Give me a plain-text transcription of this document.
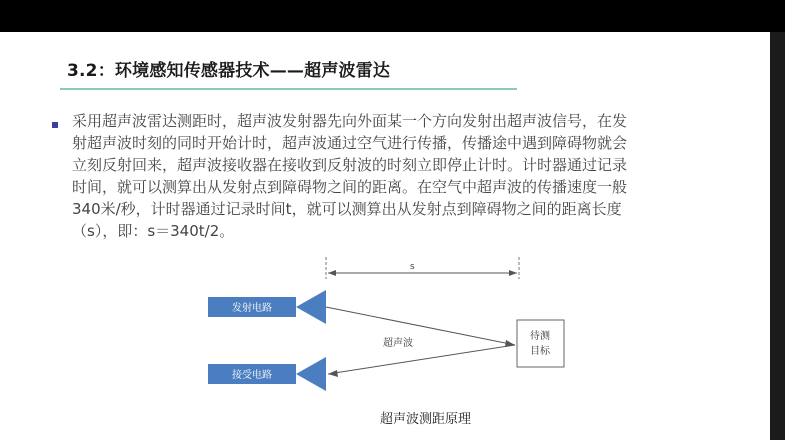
3.2：环境感知传感器技术——超声波雷达
采用超声波雷达测距时，超声波发射器先向外面某一个方向发射出超声波信号，在发
射超声波时刻的同时开始计时，超声波通过空气进行传播，传播途中遇到障碍物就会
立刻反射回来，超声波接收器在接收到反射波的时刻立即停止计时。计时器通过记录
时间，就可以测算出从发射点到障碍物之间的距离。在空气中超声波的传播速度一般
340米/秒，计时器通过记录时间t，就可以测算出从发射点到障碍物之间的距离长度
（s），即：s＝340t/2。
s
发射电路
接受电路
超声波
待测
目标
超声波测距原理
